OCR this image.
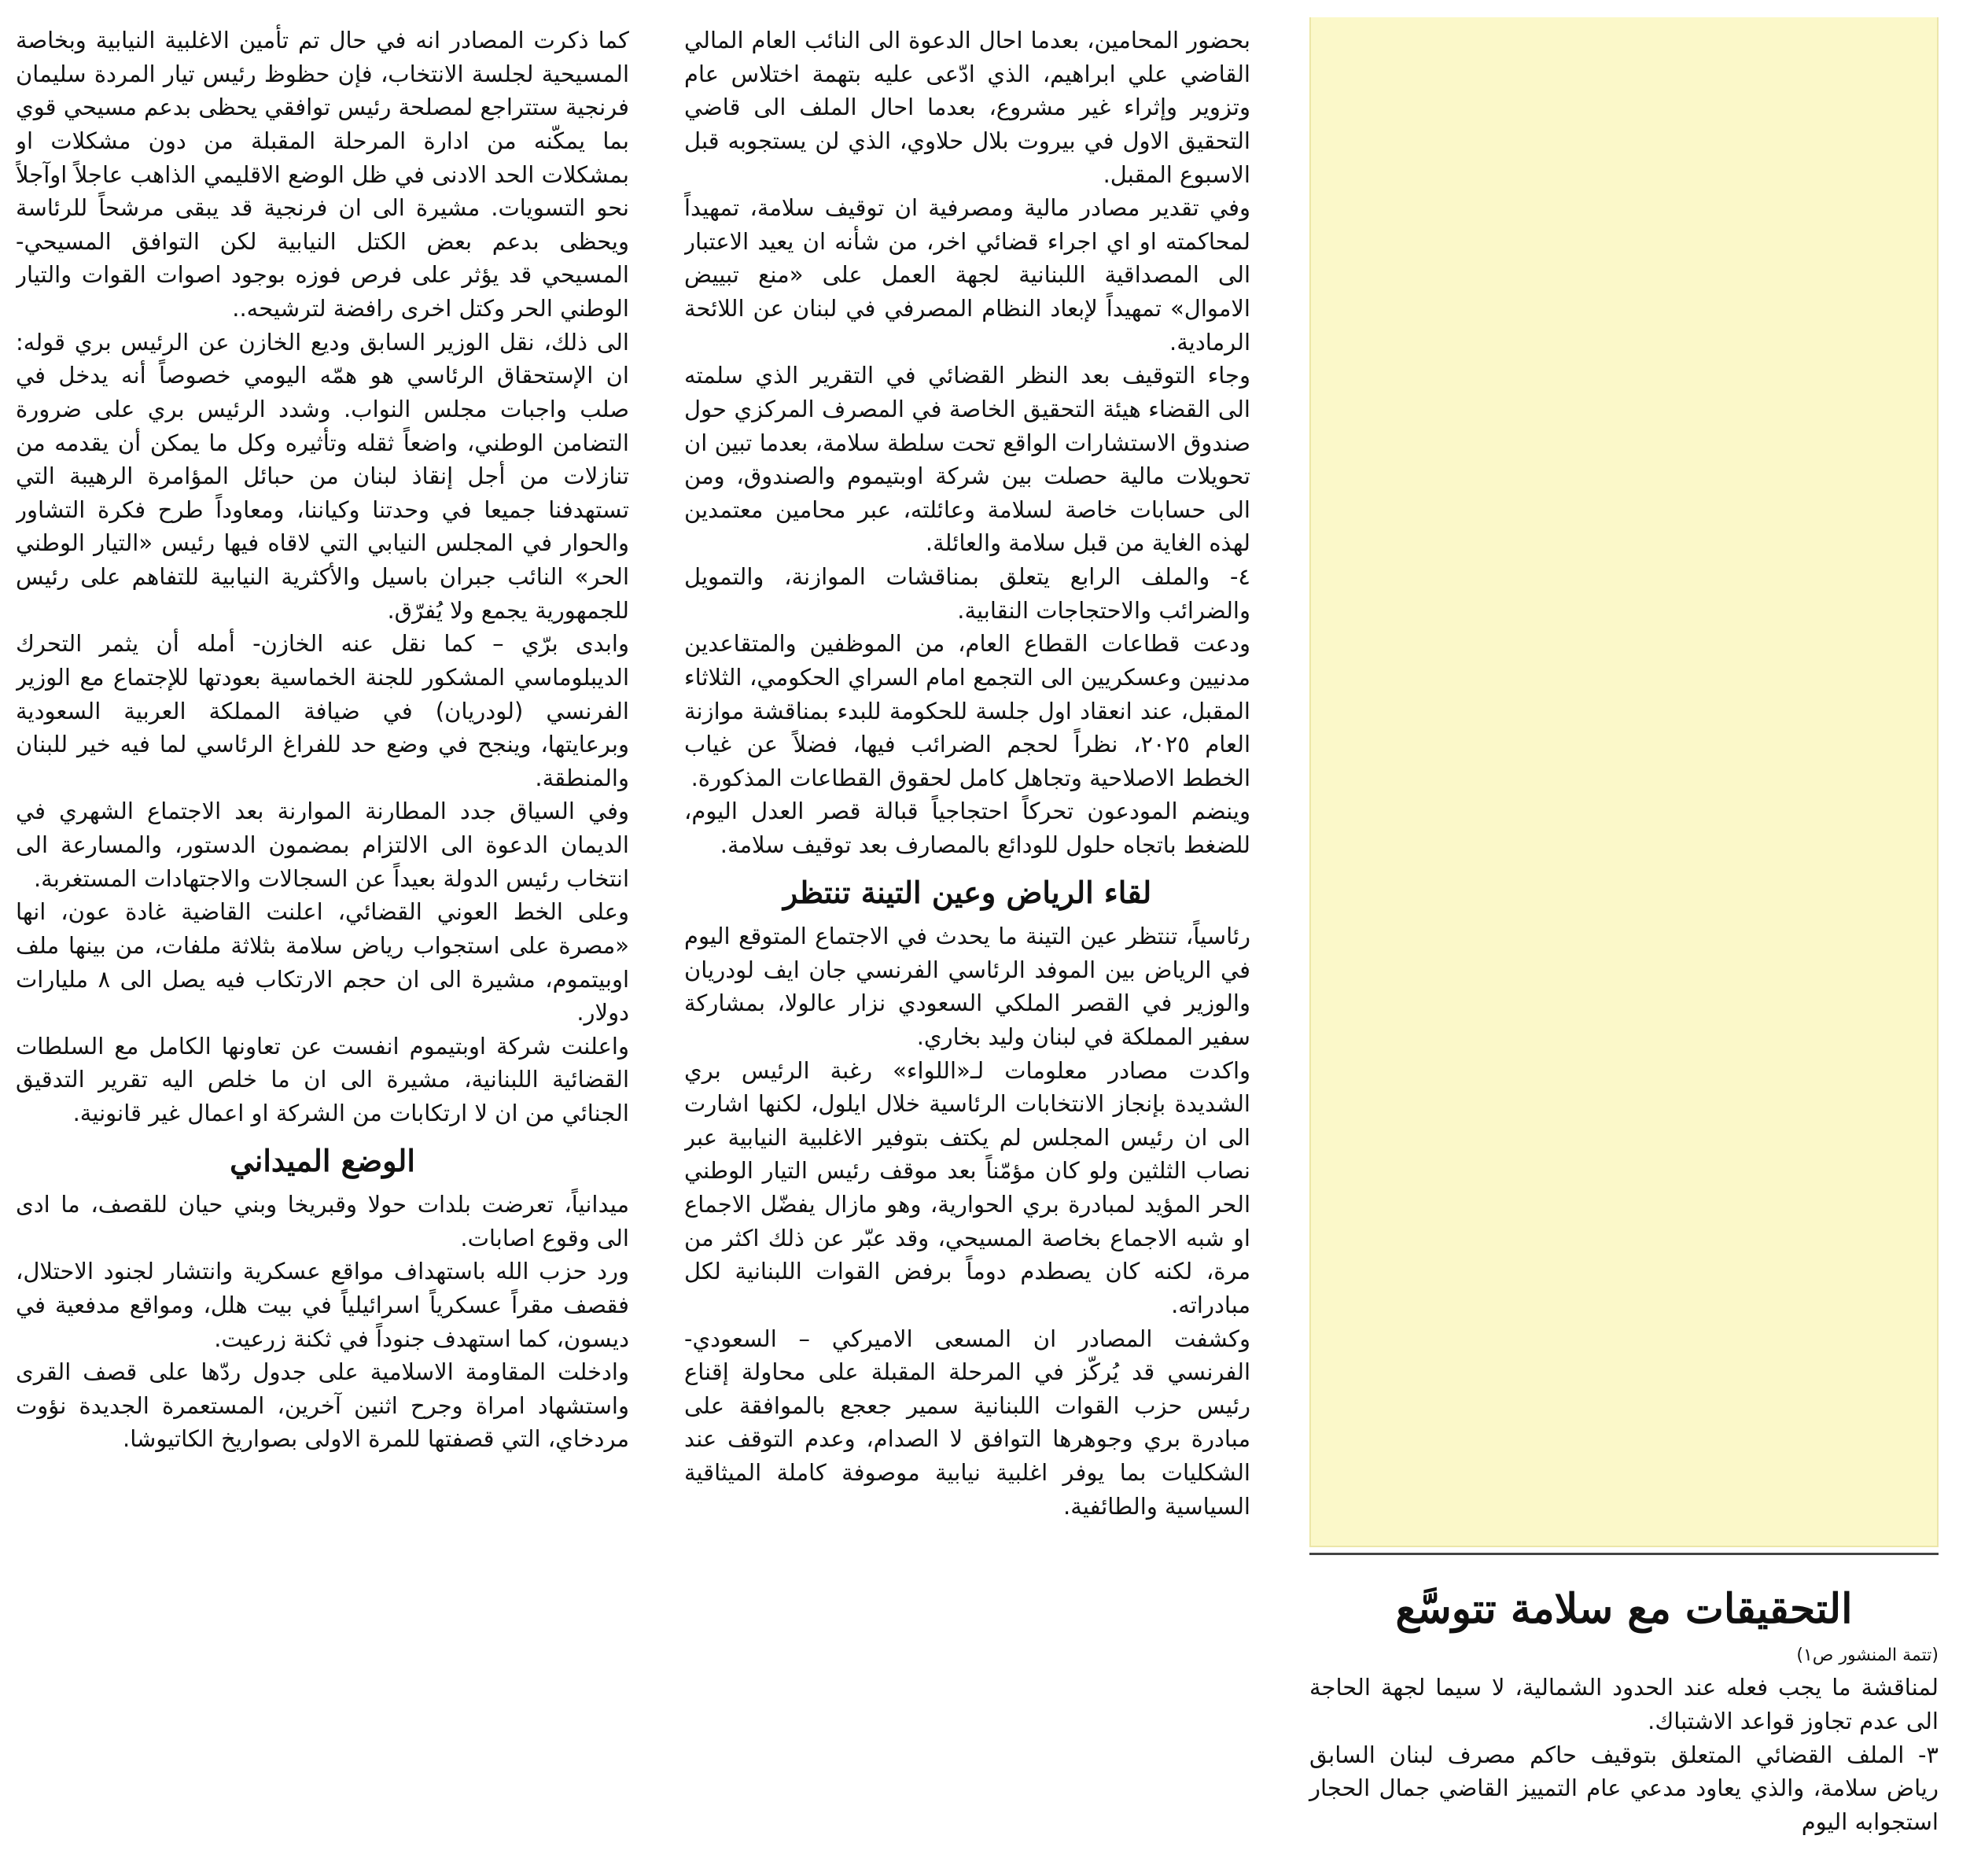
التحقيقات مع سلامة تتوسَّع
(تتمة المنشور ص١)

لمناقشة ما يجب فعله عند الحدود الشمالية، لا سيما لجهة الحاجة الى عدم تجاوز قواعد الاشتباك.

٣- الملف القضائي المتعلق بتوقيف حاكم مصرف لبنان السابق رياض سلامة، والذي يعاود مدعي عام التمييز القاضي جمال الحجار استجوابه اليوم

بحضور المحامين، بعدما احال الدعوة الى النائب العام المالي القاضي علي ابراهيم، الذي ادّعى عليه بتهمة اختلاس عام وتزوير وإثراء غير مشروع، بعدما احال الملف الى قاضي التحقيق الاول في بيروت بلال حلاوي، الذي لن يستجوبه قبل الاسبوع المقبل.

وفي تقدير مصادر مالية ومصرفية ان توقيف سلامة، تمهيداً لمحاكمته او اي اجراء قضائي اخر، من شأنه ان يعيد الاعتبار الى المصداقية اللبنانية لجهة العمل على «منع تبييض الاموال» تمهيداً لإبعاد النظام المصرفي في لبنان عن اللائحة الرمادية.

وجاء التوقيف بعد النظر القضائي في التقرير الذي سلمته الى القضاء هيئة التحقيق الخاصة في المصرف المركزي حول صندوق الاستشارات الواقع تحت سلطة سلامة، بعدما تبين ان تحويلات مالية حصلت بين شركة اوبتيموم والصندوق، ومن الى حسابات خاصة لسلامة وعائلته، عبر محامين معتمدين لهذه الغاية من قبل سلامة والعائلة.

٤- والملف الرابع يتعلق بمناقشات الموازنة، والتمويل والضرائب والاحتجاجات النقابية.

ودعت قطاعات القطاع العام، من الموظفين والمتقاعدين مدنيين وعسكريين الى التجمع امام السراي الحكومي، الثلاثاء المقبل، عند انعقاد اول جلسة للحكومة للبدء بمناقشة موازنة العام ٢٠٢٥، نظراً لحجم الضرائب فيها، فضلاً عن غياب الخطط الاصلاحية وتجاهل كامل لحقوق القطاعات المذكورة.

وينضم المودعون تحركاً احتجاجياً قبالة قصر العدل اليوم، للضغط باتجاه حلول للودائع بالمصارف بعد توقيف سلامة.

لقاء الرياض وعين التينة تنتظر

رئاسياً، تنتظر عين التينة ما يحدث في الاجتماع المتوقع اليوم في الرياض بين الموفد الرئاسي الفرنسي جان ايف لودريان والوزير في القصر الملكي السعودي نزار عالولا، بمشاركة سفير المملكة في لبنان وليد بخاري.

واكدت مصادر معلومات لـ«اللواء» رغبة الرئيس بري الشديدة بإنجاز الانتخابات الرئاسية خلال ايلول، لكنها اشارت الى ان رئيس المجلس لم يكتف بتوفير الاغلبية النيابية عبر نصاب الثلثين ولو كان مؤمّناً بعد موقف رئيس التيار الوطني الحر المؤيد لمبادرة بري الحوارية، وهو مازال يفضّل الاجماع او شبه الاجماع بخاصة المسيحي، وقد عبّر عن ذلك اكثر من مرة، لكنه كان يصطدم دوماً برفض القوات اللبنانية لكل مبادراته.

وكشفت المصادر ان المسعى الاميركي – السعودي- الفرنسي قد يُركّز في المرحلة المقبلة على محاولة إقناع رئيس حزب القوات اللبنانية سمير جعجع بالموافقة على مبادرة بري وجوهرها التوافق لا الصدام، وعدم التوقف عند الشكليات بما يوفر اغلبية نيابية موصوفة كاملة الميثاقية السياسية والطائفية.

كما ذكرت المصادر انه في حال تم تأمين الاغلبية النيابية وبخاصة المسيحية لجلسة الانتخاب، فإن حظوظ رئيس تيار المردة سليمان فرنجية ستتراجع لمصلحة رئيس توافقي يحظى بدعم مسيحي قوي بما يمكّنه من ادارة المرحلة المقبلة من دون مشكلات او بمشكلات الحد الادنى في ظل الوضع الاقليمي الذاهب عاجلاً اوآجلاً نحو التسويات. مشيرة الى ان فرنجية قد يبقى مرشحاً للرئاسة ويحظى بدعم بعض الكتل النيابية لكن التوافق المسيحي- المسيحي قد يؤثر على فرص فوزه بوجود اصوات القوات والتيار الوطني الحر وكتل اخرى رافضة لترشيحه..

الى ذلك، نقل الوزير السابق وديع الخازن عن الرئيس بري قوله: ان الإستحقاق الرئاسي هو همّه اليومي خصوصاً أنه يدخل في صلب واجبات مجلس النواب. وشدد الرئيس بري على ضرورة التضامن الوطني، واضعاً ثقله وتأثيره وكل ما يمكن أن يقدمه من تنازلات من أجل إنقاذ لبنان من حبائل المؤامرة الرهيبة التي تستهدفنا جميعا في وحدتنا وكياننا، ومعاوداً طرح فكرة التشاور والحوار في المجلس النيابي التي لاقاه فيها رئيس «التيار الوطني الحر» النائب جبران باسيل والأكثرية النيابية للتفاهم على رئيس للجمهورية يجمع ولا يُفرّق.

وابدى برّي – كما نقل عنه الخازن- أمله أن يثمر التحرك الديبلوماسي المشكور للجنة الخماسية بعودتها للإجتماع مع الوزير الفرنسي (لودريان) في ضيافة المملكة العربية السعودية وبرعايتها، وينجح في وضع حد للفراغ الرئاسي لما فيه خير للبنان والمنطقة.

وفي السياق جدد المطارنة الموارنة بعد الاجتماع الشهري في الديمان الدعوة الى الالتزام بمضمون الدستور، والمسارعة الى انتخاب رئيس الدولة بعيداً عن السجالات والاجتهادات المستغربة.

وعلى الخط العوني القضائي، اعلنت القاضية غادة عون، انها «مصرة على استجواب رياض سلامة بثلاثة ملفات، من بينها ملف اوبيتموم، مشيرة الى ان حجم الارتكاب فيه يصل الى ٨ مليارات دولار.

واعلنت شركة اوبتيموم انفست عن تعاونها الكامل مع السلطات القضائية اللبنانية، مشيرة الى ان ما خلص اليه تقرير التدقيق الجنائي من ان لا ارتكابات من الشركة او اعمال غير قانونية.

الوضع الميداني

ميدانياً، تعرضت بلدات حولا وقبريخا وبني حيان للقصف، ما ادى الى وقوع اصابات.

ورد حزب الله باستهداف مواقع عسكرية وانتشار لجنود الاحتلال، فقصف مقراً عسكرياً اسرائيلياً في بيت هلل، ومواقع مدفعية في ديسون، كما استهدف جنوداً في ثكنة زرعيت.

وادخلت المقاومة الاسلامية على جدول ردّها على قصف القرى واستشهاد امراة وجرح اثنين آخرين، المستعمرة الجديدة نؤوت مردخاي، التي قصفتها للمرة الاولى بصواريخ الكاتيوشا.
